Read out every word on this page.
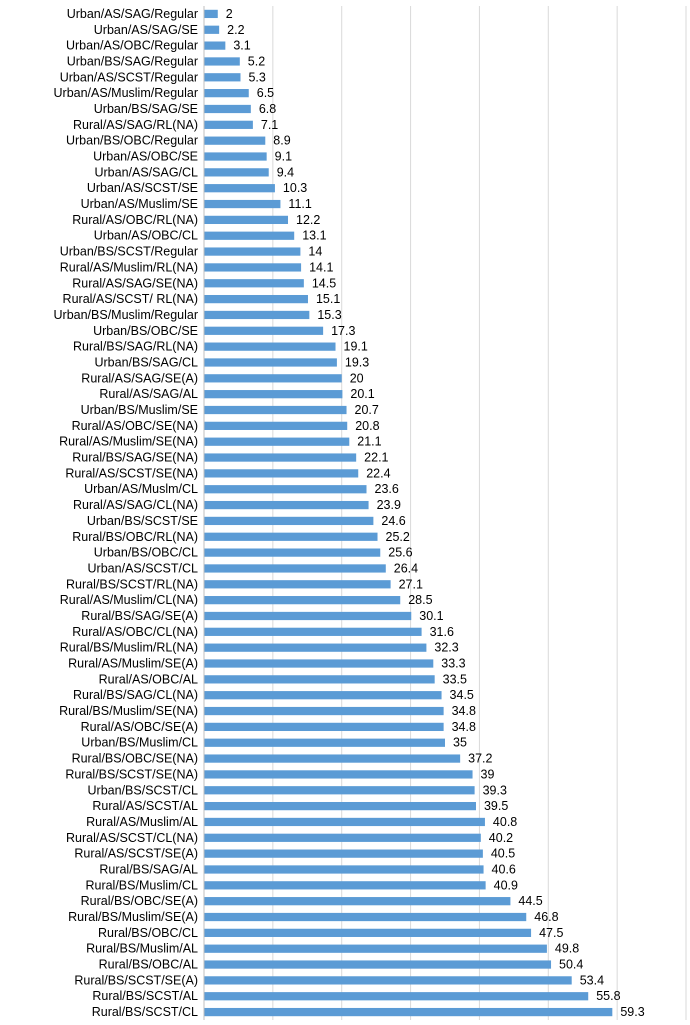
Urban/AS/SAG/Regular
Urban/AS/SAG/SE
Urban/AS/OBC/Regular
Urban/BS/SAG/Regular
Urban/AS/SCST/Regular
Urban/AS/Muslim/Regular
Urban/BS/SAG/SE
Rural/AS/SAG/RL(NA)
Urban/BS/OBC/Regular
Urban/AS/OBC/SE
Urban/AS/SAG/CL
Urban/AS/SCST/SE
Urban/AS/Muslim/SE
Rural/AS/OBC/RL(NA)
Urban/AS/OBC/CL
Urban/BS/SCST/Regular
Rural/AS/Muslim/RL(NA)
Rural/AS/SAG/SE(NA)
Rural/AS/SCST/ RL(NA)
Urban/BS/Muslim/Regular
Urban/BS/OBC/SE
Rural/BS/SAG/RL(NA)
Urban/BS/SAG/CL
Rural/AS/SAG/SE(A)
Rural/AS/SAG/AL
Urban/BS/Muslim/SE
Rural/AS/OBC/SE(NA)
Rural/AS/Muslim/SE(NA)
Rural/BS/SAG/SE(NA)
Rural/AS/SCST/SE(NA)
Urban/AS/Muslm/CL
Rural/AS/SAG/CL(NA)
Urban/BS/SCST/SE
Rural/BS/OBC/RL(NA)
Urban/BS/OBC/CL
Urban/AS/SCST/CL
Rural/BS/SCST/RL(NA)
Rural/AS/Muslim/CL(NA)
Rural/BS/SAG/SE(A)
Rural/AS/OBC/CL(NA)
Rural/BS/Muslim/RL(NA)
Rural/AS/Muslim/SE(A)
Rural/AS/OBC/AL
Rural/BS/SAG/CL(NA)
Rural/BS/Muslim/SE(NA)
Rural/AS/OBC/SE(A)
Urban/BS/Muslim/CL
Rural/BS/OBC/SE(NA)
Rural/BS/SCST/SE(NA)
Urban/BS/SCST/CL
Rural/AS/SCST/AL
Rural/AS/Muslim/AL
Rural/AS/SCST/CL(NA)
Rural/AS/SCST/SE(A)
Rural/BS/SAG/AL
Rural/BS/Muslim/CL
Rural/BS/OBC/SE(A)
Rural/BS/Muslim/SE(A)
Rural/BS/OBC/CL
Rural/BS/Muslim/AL
Rural/BS/OBC/AL
Rural/BS/SCST/SE(A)
Rural/BS/SCST/AL
Rural/BS/SCST/CL
2
2.2
3.1
5.2
5.3
6.5
6.8
7.1
8.9
9.1
9.4
10.3
11.1
12.2
13.1
14
14.1
14.5
15.1
15.3
17.3
19.1
19.3
20
20.1
20.7
20.8
21.1
22.1
22.4
23.6
23.9
24.6
25.2
25.6
26.4
27.1
28.5
30.1
31.6
32.3
33.3
33.5
34.5
34.8
34.8
35
37.2
39
39.3
39.5
40.8
40.2
40.5
40.6
40.9
44.5
46.8
47.5
49.8
50.4
53.4
55.8
59.3
